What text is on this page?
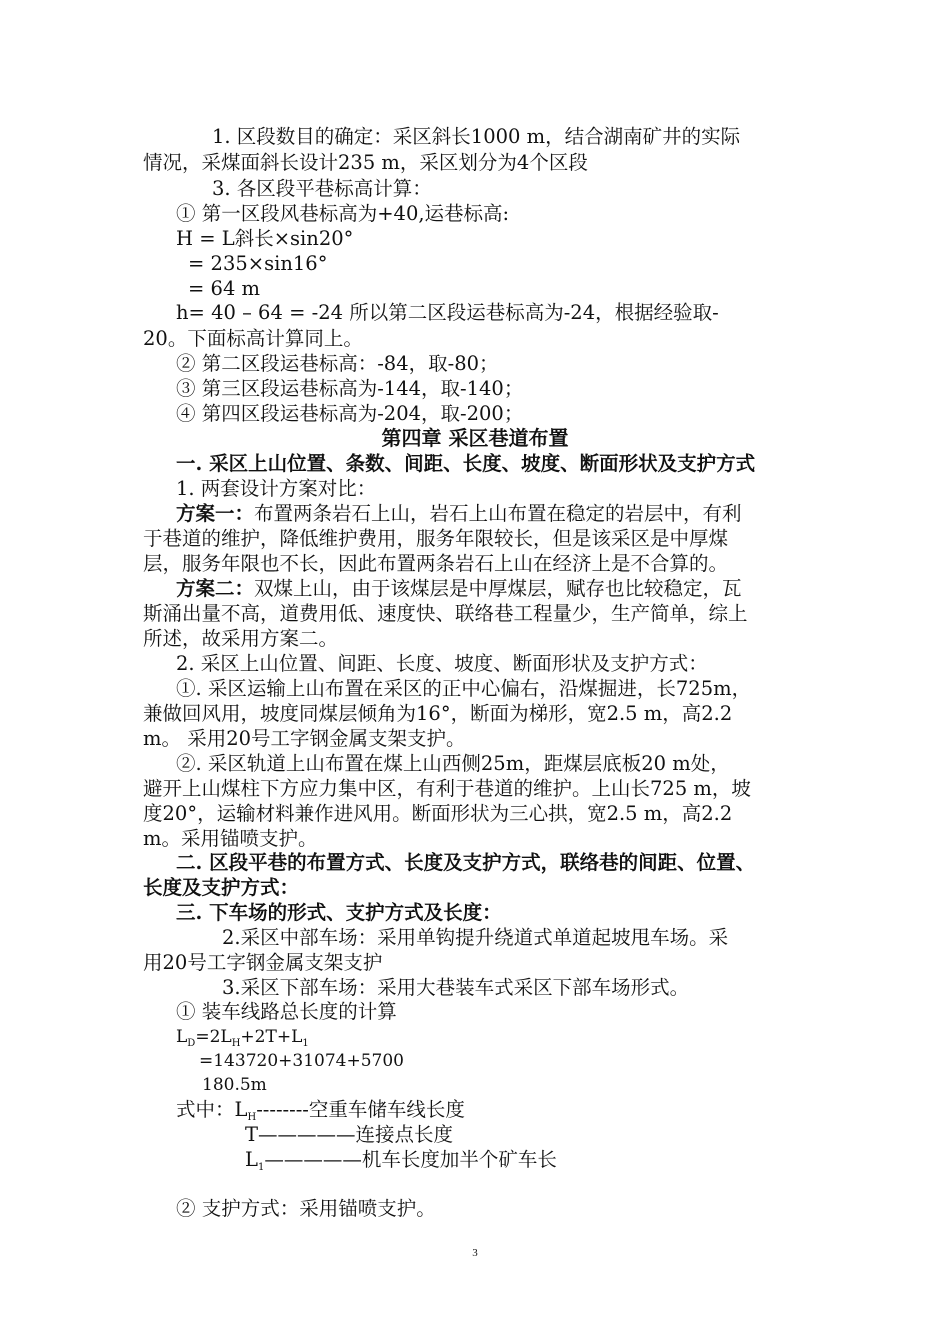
1. 区段数目的确定：采区斜长1000 m，结合湖南矿井的实际
情况，采煤面斜长设计235 m，采区划分为4个区段
3. 各区段平巷标高计算：
① 第一区段风巷标高为+40,运巷标高:
H = L斜长×sin20°
= 235×sin16°
= 64 m
h= 40 – 64 = -24 所以第二区段运巷标高为-24，根据经验取-
20。下面标高计算同上。
② 第二区段运巷标高：-84，取-80；
③ 第三区段运巷标高为-144，取-140；
④ 第四区段运巷标高为-204，取-200；
第四章 采区巷道布置
一. 采区上山位置、条数、间距、长度、坡度、断面形状及支护方式
1. 两套设计方案对比：
方案一：布置两条岩石上山，岩石上山布置在稳定的岩层中，有利
于巷道的维护，降低维护费用，服务年限较长，但是该采区是中厚煤
层，服务年限也不长，因此布置两条岩石上山在经济上是不合算的。
方案二：双煤上山，由于该煤层是中厚煤层，赋存也比较稳定，瓦
斯涌出量不高，道费用低、速度快、联络巷工程量少，生产简单，综上
所述，故采用方案二。
2. 采区上山位置、间距、长度、坡度、断面形状及支护方式：
①. 采区运输上山布置在采区的正中心偏右，沿煤掘进，长725m，
兼做回风用，坡度同煤层倾角为16°，断面为梯形，宽2.5 m，高2.2
m。 采用20号工字钢金属支架支护。
②. 采区轨道上山布置在煤上山西侧25m，距煤层底板20 m处，
避开上山煤柱下方应力集中区，有利于巷道的维护。上山长725 m，坡
度20°，运输材料兼作进风用。断面形状为三心拱，宽2.5 m，高2.2
m。采用锚喷支护。
二. 区段平巷的布置方式、长度及支护方式，联络巷的间距、位置、
长度及支护方式：
三. 下车场的形式、支护方式及长度：
2.采区中部车场：采用单钩提升绕道式单道起坡甩车场。采
用20号工字钢金属支架支护
3.采区下部车场：采用大巷装车式采区下部车场形式。
① 装车线路总长度的计算
$L_D=2L_H+2T+L_1$
=143720+31074+5700
180.5m
式中：$L_H--------$空重车储车线长度
T—————连接点长度
$L_1—————$机车长度加半个矿车长
② 支护方式：采用锚喷支护。
3
